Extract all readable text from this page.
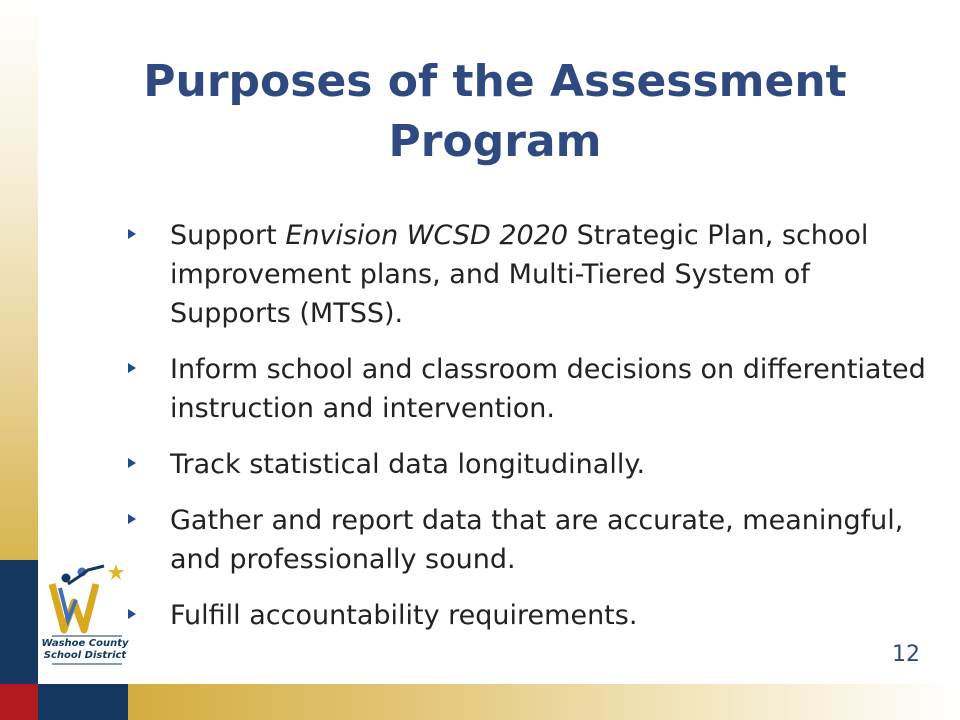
Purposes of the Assessment Program
Support Envision WCSD 2020 Strategic Plan, school improvement plans, and Multi-Tiered System of Supports (MTSS).
Inform school and classroom decisions on differentiated instruction and intervention.
Track statistical data longitudinally.
Gather and report data that are accurate, meaningful, and professionally sound.
Fulfill accountability requirements.
Washoe County
School District	12
